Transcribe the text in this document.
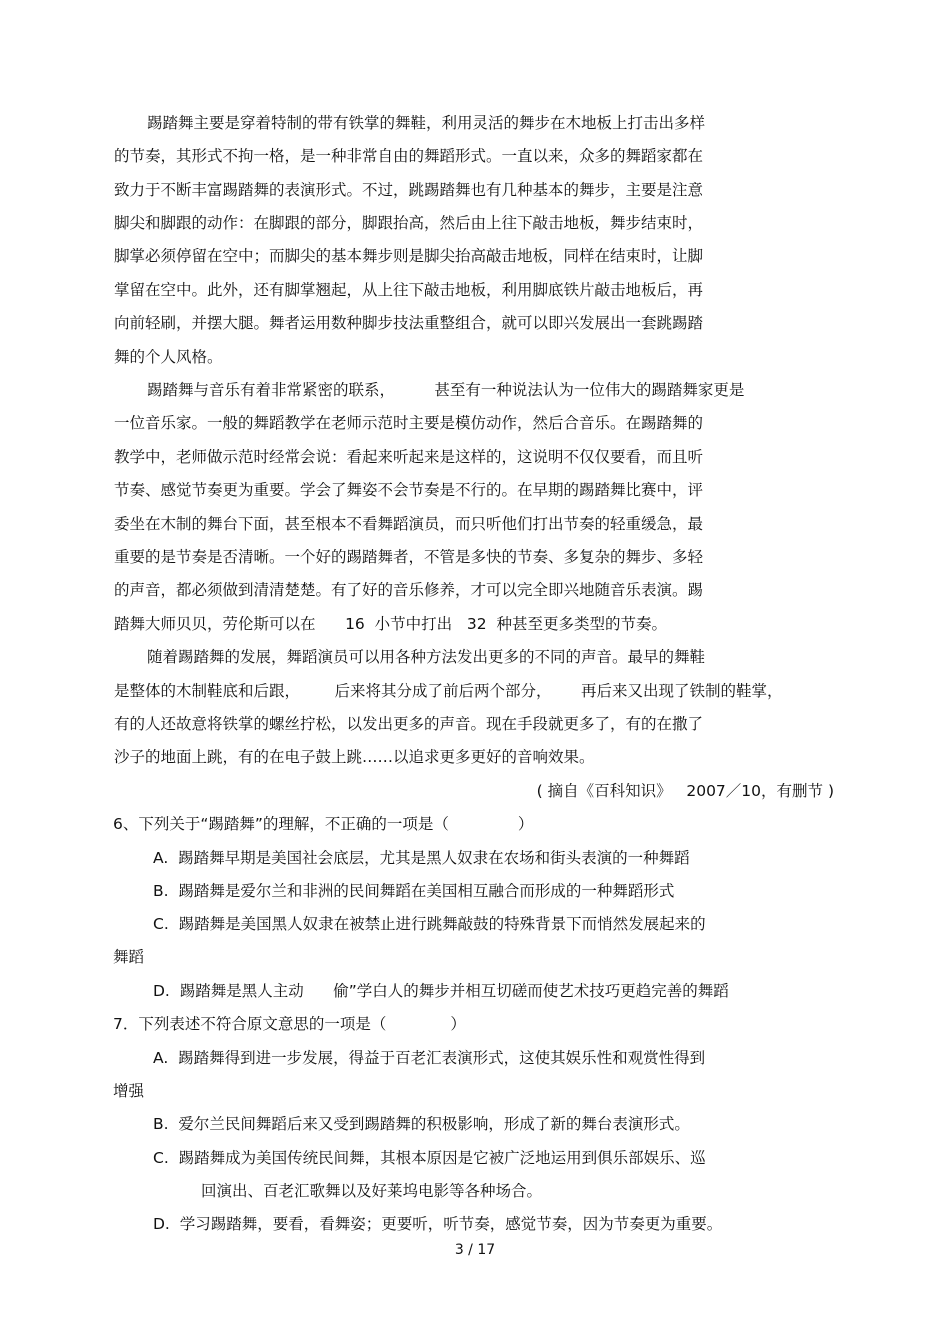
踢踏舞主要是穿着特制的带有铁掌的舞鞋，利用灵活的舞步在木地板上打击出多样
的节奏，其形式不拘一格，是一种非常自由的舞蹈形式。一直以来，众多的舞蹈家都在
致力于不断丰富踢踏舞的表演形式。不过，跳踢踏舞也有几种基本的舞步，主要是注意
脚尖和脚跟的动作：在脚跟的部分，脚跟抬高，然后由上往下敲击地板，舞步结束时，
脚掌必须停留在空中；而脚尖的基本舞步则是脚尖抬高敲击地板，同样在结束时，让脚
掌留在空中。此外，还有脚掌翘起，从上往下敲击地板，利用脚底铁片敲击地板后，再
向前轻刷，并摆大腿。舞者运用数种脚步技法重整组合，就可以即兴发展出一套跳踢踏
舞的个人风格。
踢踏舞与音乐有着非常紧密的联系，        甚至有一种说法认为一位伟大的踢踏舞家更是
一位音乐家。一般的舞蹈教学在老师示范时主要是模仿动作，然后合音乐。在踢踏舞的
教学中，老师做示范时经常会说：看起来听起来是这样的，这说明不仅仅要看，而且听
节奏、感觉节奏更为重要。学会了舞姿不会节奏是不行的。在早期的踢踏舞比赛中，评
委坐在木制的舞台下面，甚至根本不看舞蹈演员，而只听他们打出节奏的轻重缓急，最
重要的是节奏是否清晰。一个好的踢踏舞者，不管是多快的节奏、多复杂的舞步、多轻
的声音，都必须做到清清楚楚。有了好的音乐修养，才可以完全即兴地随音乐表演。踢
踏舞大师贝贝，劳伦斯可以在      16  小节中打出   32  种甚至更多类型的节奏。
随着踢踏舞的发展，舞蹈演员可以用各种方法发出更多的不同的声音。最早的舞鞋
是整体的木制鞋底和后跟，       后来将其分成了前后两个部分，      再后来又出现了铁制的鞋掌，
有的人还故意将铁掌的螺丝拧松，以发出更多的声音。现在手段就更多了，有的在撒了
沙子的地面上跳，有的在电子鼓上跳……以追求更多更好的音响效果。
( 摘自《百科知识》   2007／10，有删节 )
6、下列关于“踢踏舞”的理解，不正确的一项是（              ）
A.  踢踏舞早期是美国社会底层，尤其是黑人奴隶在农场和街头表演的一种舞蹈
B.  踢踏舞是爱尔兰和非洲的民间舞蹈在美国相互融合而形成的一种舞蹈形式
C.  踢踏舞是美国黑人奴隶在被禁止进行跳舞敲鼓的特殊背景下而悄然发展起来的
舞蹈
D.  踢踏舞是黑人主动      偷”学白人的舞步并相互切磋而使艺术技巧更趋完善的舞蹈
7．下列表述不符合原文意思的一项是（             ）
A.  踢踏舞得到进一步发展，得益于百老汇表演形式，这使其娱乐性和观赏性得到
增强
B.  爱尔兰民间舞蹈后来又受到踢踏舞的积极影响，形成了新的舞台表演形式。
C.  踢踏舞成为美国传统民间舞，其根本原因是它被广泛地运用到俱乐部娱乐、巡
回演出、百老汇歌舞以及好莱坞电影等各种场合。
D.  学习踢踏舞，要看，看舞姿；更要听，听节奏，感觉节奏，因为节奏更为重要。
3 / 17
